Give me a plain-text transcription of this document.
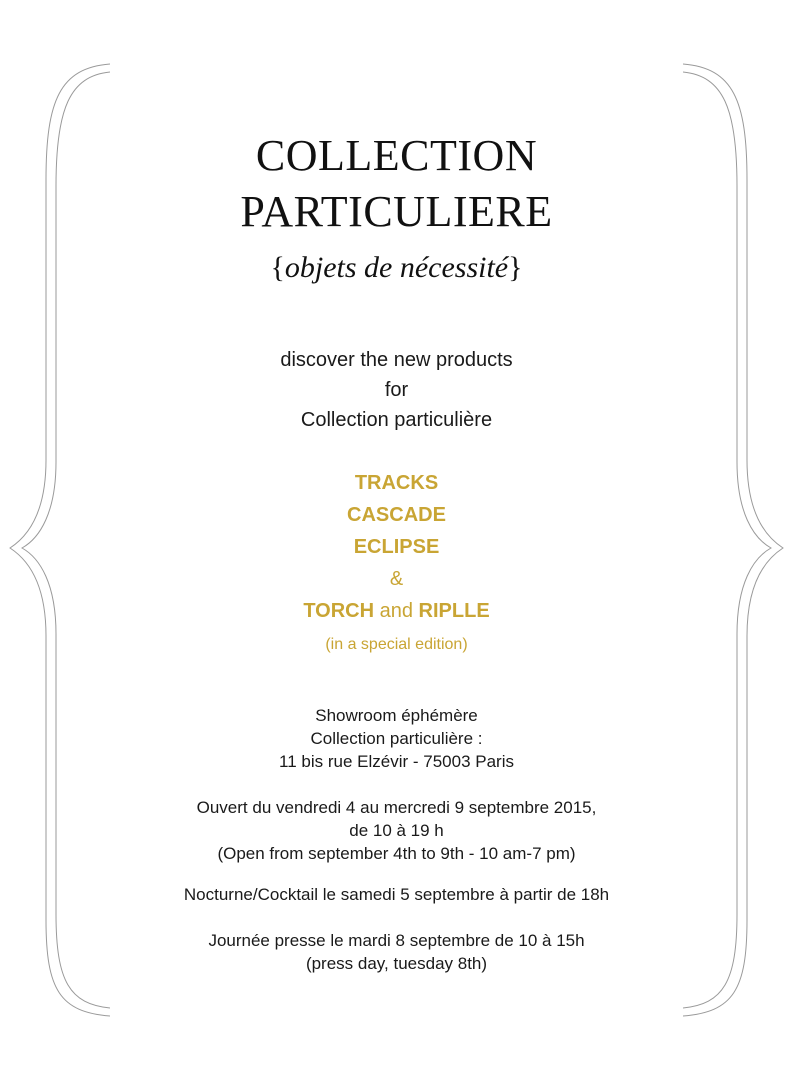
COLLECTION
PARTICULIERE
{objets de nécessité}
discover the new products
for
Collection particulière
TRACKS
CASCADE
ECLIPSE
&
TORCH and RIPLLE
(in a special edition)
Showroom éphémère
Collection particulière :
11 bis rue Elzévir - 75003 Paris
Ouvert du vendredi 4 au mercredi 9 septembre 2015,
de 10 à 19 h
(Open from september 4th to 9th - 10 am-7 pm)
Nocturne/Cocktail le samedi 5 septembre à partir de 18h
Journée presse le mardi 8 septembre de 10 à 15h
(press day, tuesday 8th)
